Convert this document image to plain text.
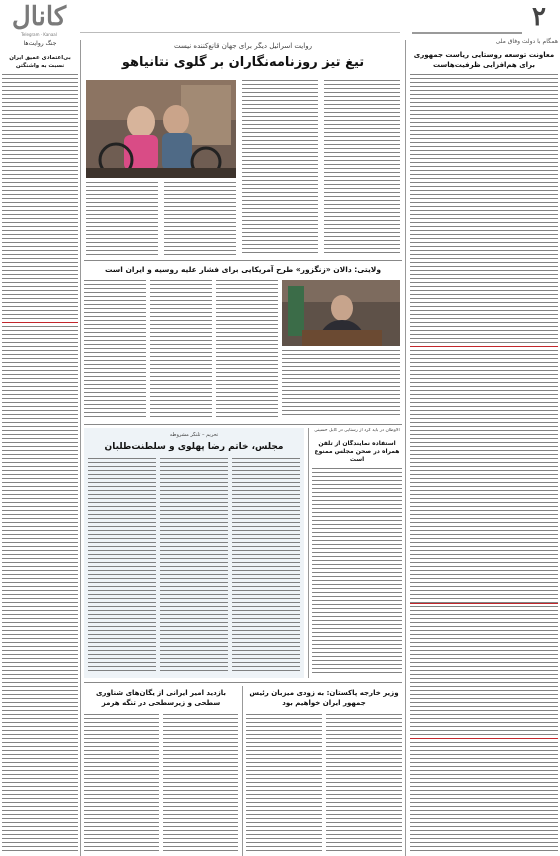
کانال
Telegram · Kanaal
جنگ روایت‌ها
۲
همگام با دولت وفاق ملی
معاونت توسعه روستایی ریاست جمهوری برای هم‌افزایی ظرفیت‌هاست
بی‌اعتمادی عمیق ایران نسبت به واشنگتن
روایت اسرائیل دیگر برای جهان قانع‌کننده نیست
تیغ تیز روزنامه‌نگاران بر گلوی نتانیاهو
ولایتی: دالان «زنگزور» طرح آمریکایی برای فشار علیه روسیه و ایران است
الاوطان در باید کرد از رستایی در کابل حسینی
استفاده نمایندگان از تلفن همراه در صحن مجلس ممنوع است
تحریم – تلنگر مشروطه
مجلس، خاتم رضا پهلوی و سلطنت‌طلبان
وزیر خارجه پاکستان: به زودی میزبان رئیس جمهور ایران خواهیم بود
بازدید امیر ایرانی از یگان‌های شناوری سطحی و زیرسطحی در تنگه هرمز
